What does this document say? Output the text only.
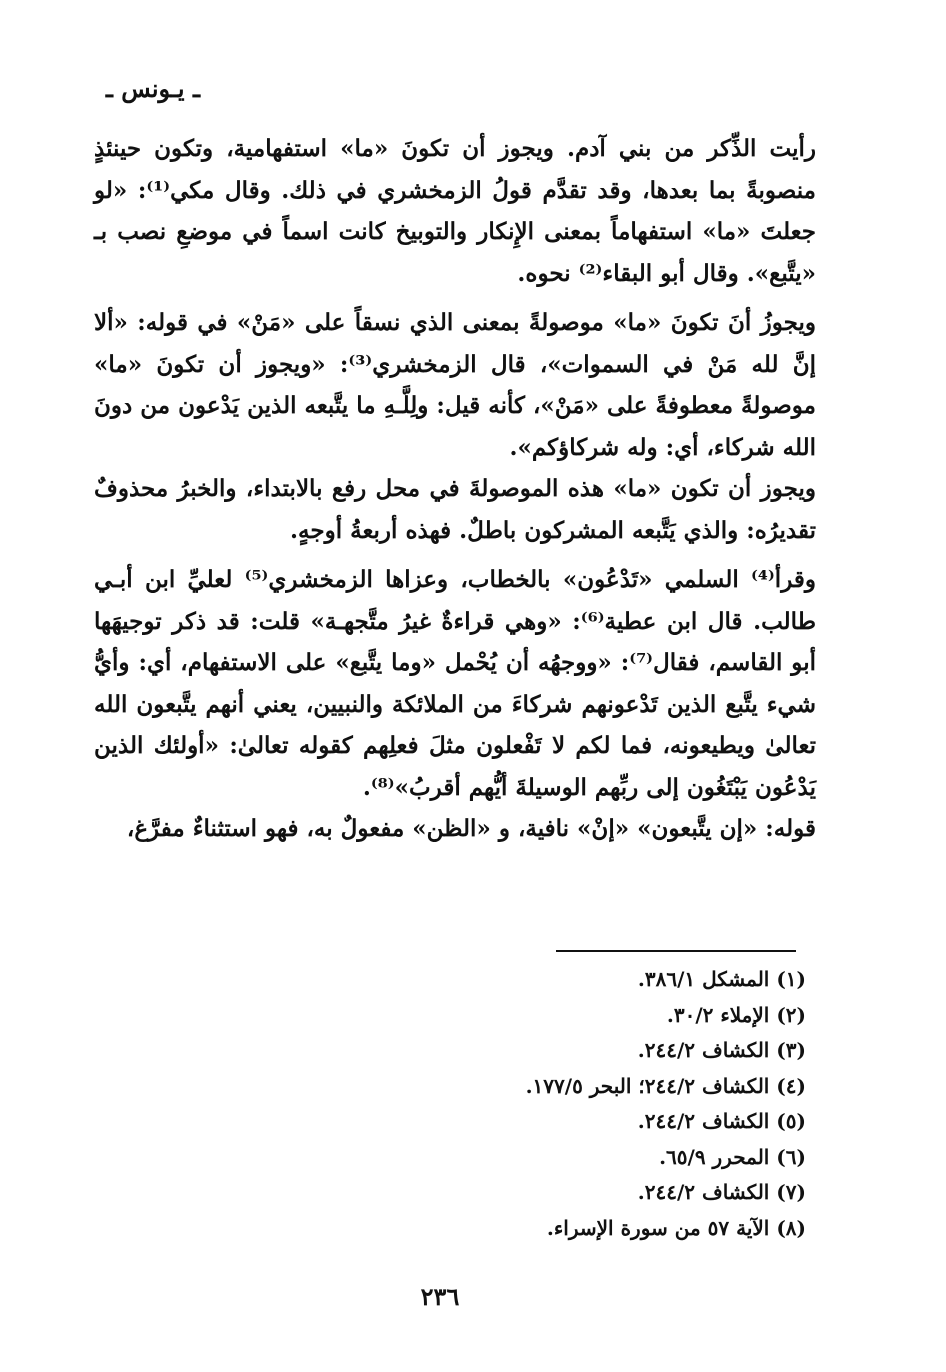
ـ يـونس ـ

رأيت الذِّكر من بني آدم. ويجوز أن تكونَ «ما» استفهامية، وتكون حينئذٍ منصوبةً بما بعدها، وقد تقدَّم قولُ الزمخشري في ذلك. وقال مكي⁽¹⁾: «لو جعلتَ «ما» استفهاماً بمعنى الإِنكار والتوبيخ كانت اسماً في موضعِ نصب بـ «يتَّبع». وقال أبو البقاء⁽²⁾ نحوه.

ويجوزُ أنَ تكونَ «ما» موصولةً بمعنى الذي نسقاً على «مَنْ» في قوله: «ألا إنَّ لله مَنْ في السموات»، قال الزمخشري⁽³⁾: «ويجوز أن تكونَ «ما» موصولةً معطوفةً على «مَنْ»، كأنه قيل: ولِلَّـهِ ما يتَّبعه الذين يَدْعون من دونَ الله شركاء، أي: وله شركاؤكم».

ويجوز أن تكون «ما» هذه الموصولةَ في محل رفع بالابتداء، والخبرُ محذوفٌ تقديرُه: والذي يَتَّبعه المشركون باطلٌ. فهذه أربعةُ أوجهٍ.

وقرأ⁽⁴⁾ السلمي «تَدْعُون» بالخطاب، وعزاها الزمخشري⁽⁵⁾ لعليِّ ابن أبـي طالب. قال ابن عطية⁽⁶⁾: «وهي قراءةٌ غيرُ متَّجهـة» قلت: قد ذكر توجيهَها أبو القاسم، فقال⁽⁷⁾: «ووجهُه أن يُحْمل «وما يتَّبع» على الاستفهام، أي: وأيُّ شيء يتَّبع الذين تَدْعونهم شركاءَ من الملائكة والنبيين، يعني أنهم يتَّبعون الله تعالىٰ ويطيعونه، فما لكم لا تَفْعلون مثلَ فعلِهم كقوله تعالىٰ: «أولئك الذين يَدْعُون يَبْتَغُون إلى ربِّهم الوسيلةَ أيُّهم أقربُ»⁽⁸⁾.

قوله: «إن يتَّبعون» «إنْ» نافية، و «الظن» مفعولٌ به، فهو استثناءٌ مفرَّغ،

(١) المشكل ٣٨٦/١.

(٢) الإملاء ٣٠/٢.

(٣) الكشاف ٢٤٤/٢.

(٤) الكشاف ٢٤٤/٢؛ البحر ١٧٧/٥.

(٥) الكشاف ٢٤٤/٢.

(٦) المحرر ٦٥/٩.

(٧) الكشاف ٢٤٤/٢.

(٨) الآية ٥٧ من سورة الإسراء.

٢٣٦
